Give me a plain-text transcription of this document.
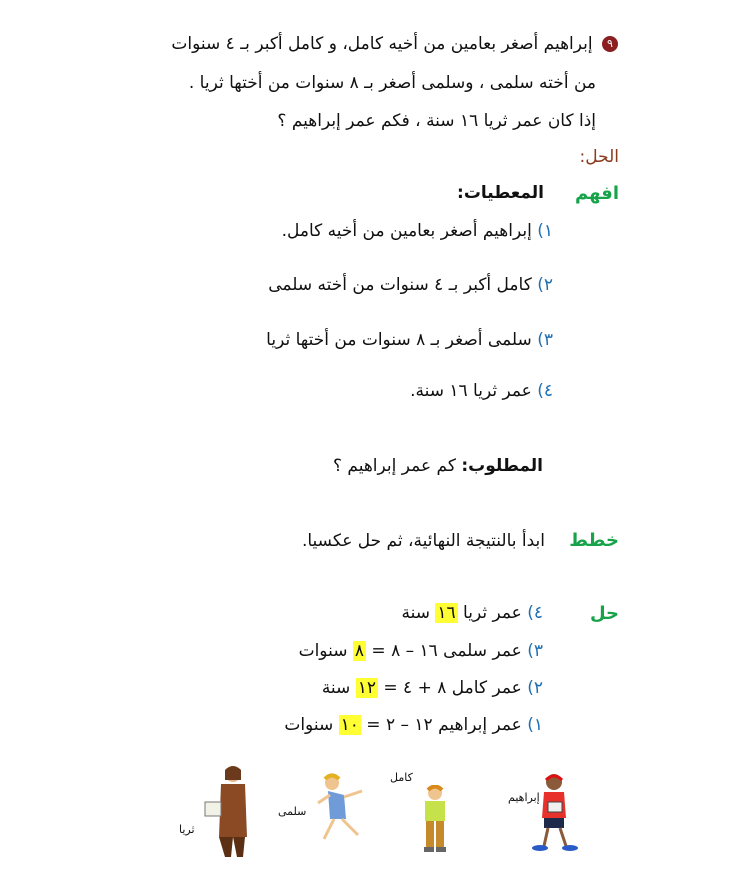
٩ إبراهيم أصغر بعامين من أخيه كامل، و كامل أكبر بـ ٤ سنوات
من أخته سلمى ، وسلمى أصغر بـ ٨ سنوات من أختها ثريا .
إذا كان عمر ثريا ١٦ سنة ، فكم عمر إبراهيم ؟
الحل:
افهم
المعطيات:
١) إبراهيم أصغر بعامين من أخيه كامل.
٢) كامل أكبر بـ ٤ سنوات من أخته سلمى
٣) سلمى أصغر بـ ٨ سنوات من أختها ثريا
٤) عمر ثريا ١٦ سنة.
المطلوب: كم عمر إبراهيم ؟
خطط
ابدأ بالنتيجة النهائية، ثم حل عكسيا.
حل
٤) عمر ثريا ١٦ سنة
٣) عمر سلمى ١٦ – ٨ = ٨ سنوات
٢) عمر كامل ٨ + ٤ = ١٢ سنة
١) عمر إبراهيم ١٢ – ٢ = ١٠ سنوات
ثريا
سلمى
كامل
إبراهيم
